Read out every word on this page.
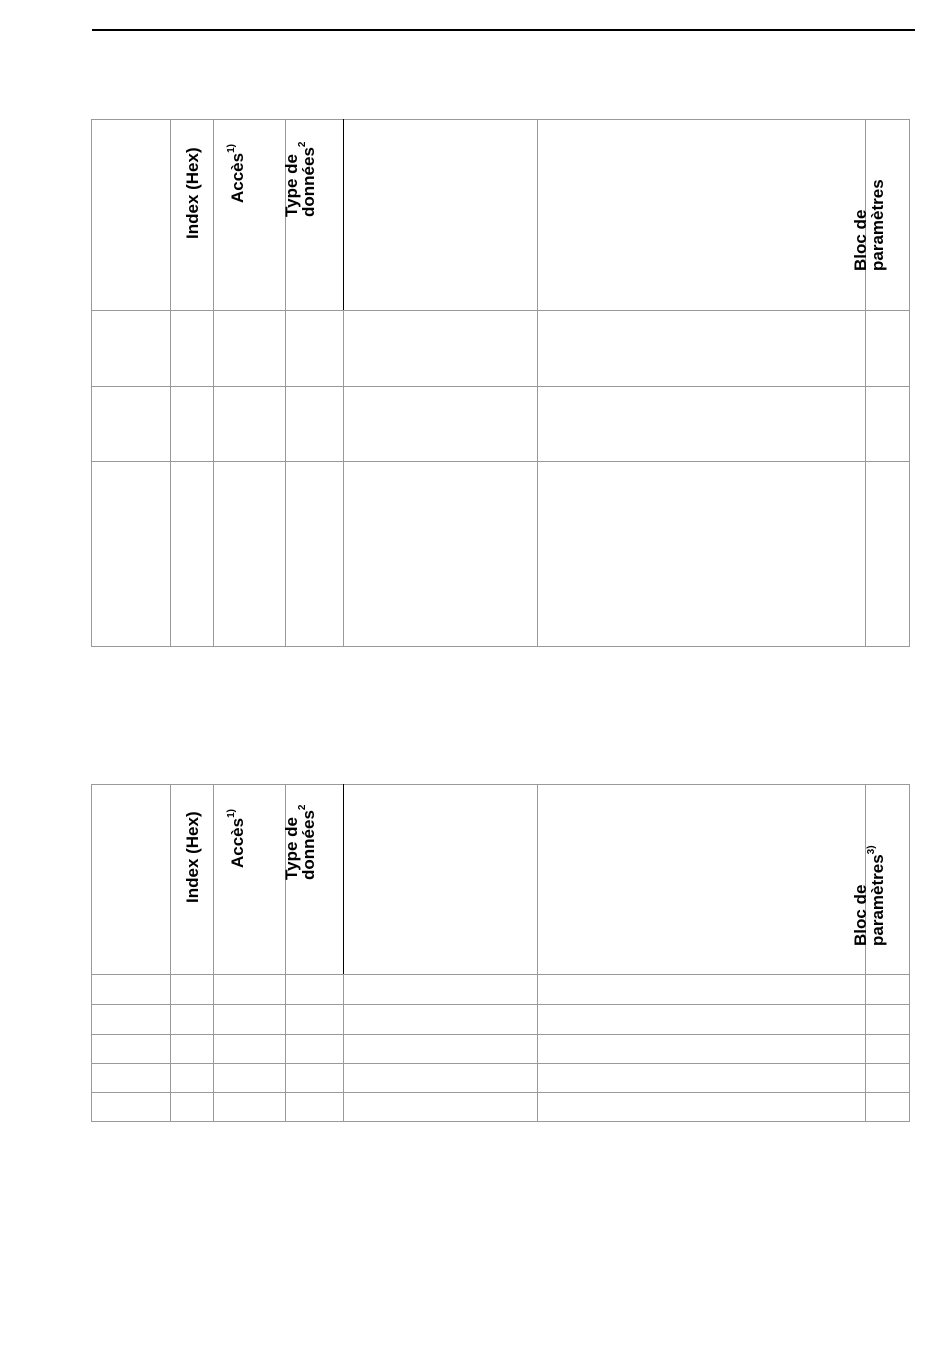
Index (Hex) Accès$^{1)}$
Type de
données$^2$
Bloc de
paramètres
Index (Hex) Accès$^{1)}$
Type de
données$^2$
Bloc de
paramètres$^{3)}$
